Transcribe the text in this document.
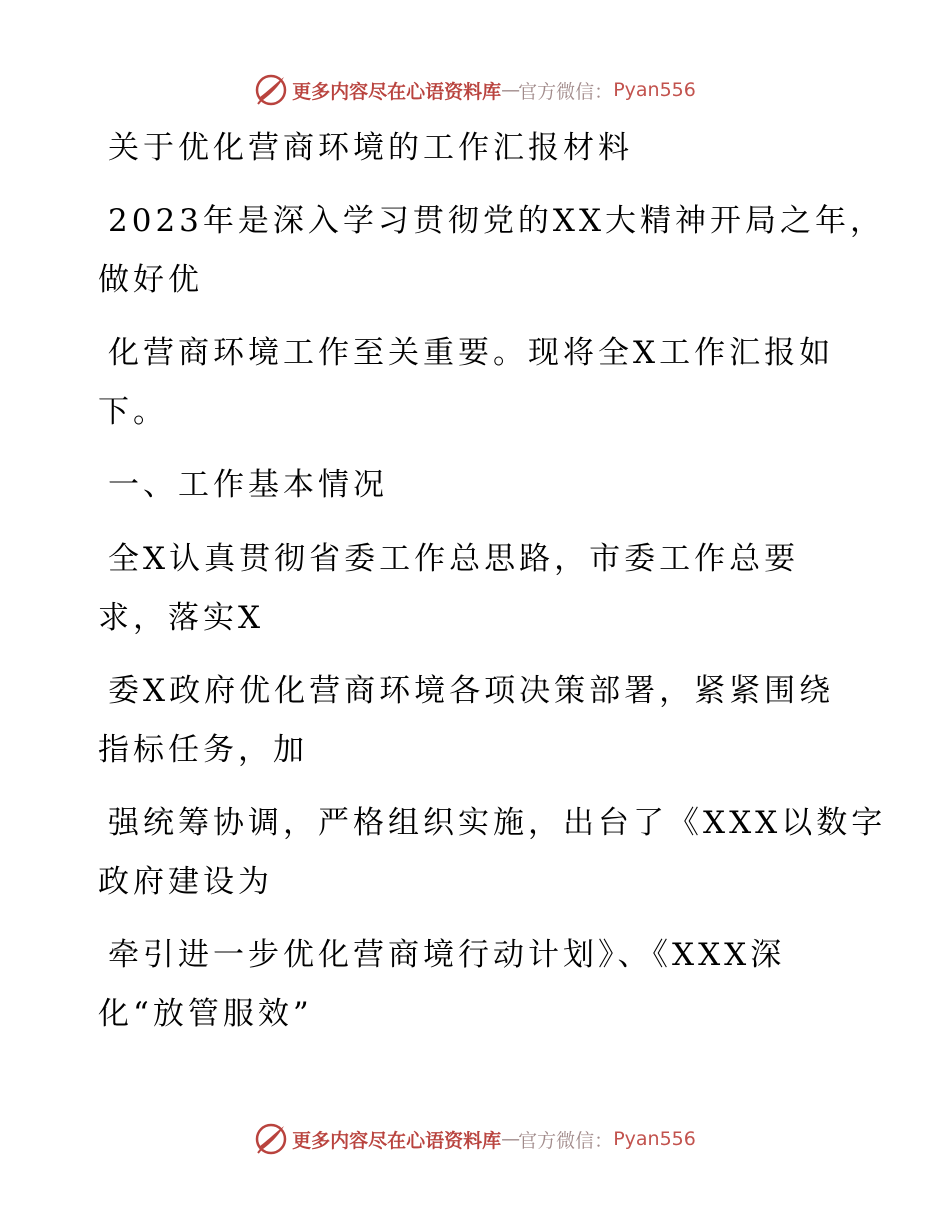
更多内容尽在心语资料库 — 官方微信： Pyan556
关于优化营商环境的工作汇报材料
2023年是深入学习贯彻党的XX大精神开局之年，
做好优
化营商环境工作至关重要。现将全X工作汇报如
下。
一、工作基本情况
全X认真贯彻省委工作总思路，市委工作总要
求，落实X
委X政府优化营商环境各项决策部署，紧紧围绕
指标任务，加
强统筹协调，严格组织实施，出台了《XXX以数字
政府建设为
牵引进一步优化营商境行动计划》、《XXX深
化“放管服效”
更多内容尽在心语资料库 — 官方微信： Pyan556
